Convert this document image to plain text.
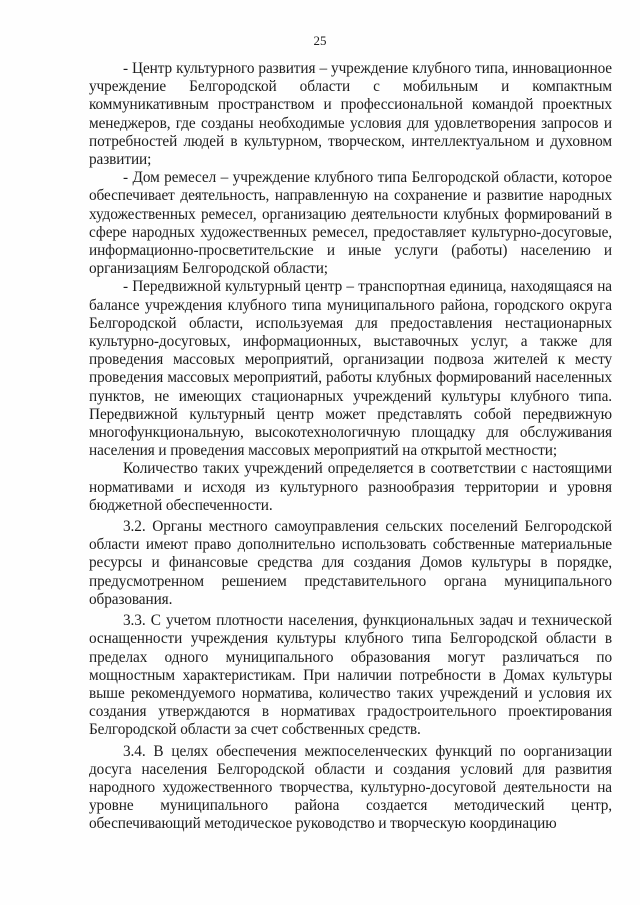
25

- Центр культурного развития – учреждение клубного типа, инновационное учреждение Белгородской области с мобильным и компактным коммуникативным пространством и профессиональной командой проектных менеджеров, где созданы необходимые условия для удовлетворения запросов и потребностей людей в культурном, творческом, интеллектуальном и духовном развитии;

- Дом ремесел – учреждение клубного типа Белгородской области, которое обеспечивает деятельность, направленную на сохранение и развитие народных художественных ремесел, организацию деятельности клубных формирований в сфере народных художественных ремесел, предоставляет культурно-досуговые, информационно-просветительские и иные услуги (работы) населению и организациям Белгородской области;

- Передвижной культурный центр – транспортная единица, находящаяся на балансе учреждения клубного типа муниципального района, городского округа Белгородской области, используемая для предоставления нестационарных культурно-досуговых, информационных, выставочных услуг, а также для проведения массовых мероприятий, организации подвоза жителей к месту проведения массовых мероприятий, работы клубных формирований населенных пунктов, не имеющих стационарных учреждений культуры клубного типа. Передвижной культурный центр может представлять собой передвижную многофункциональную, высокотехнологичную площадку для обслуживания населения и проведения массовых мероприятий на открытой местности;

Количество таких учреждений определяется в соответствии с настоящими нормативами и исходя из культурного разнообразия территории и уровня бюджетной обеспеченности.

3.2. Органы местного самоуправления сельских поселений Белгородской области имеют право дополнительно использовать собственные материальные ресурсы и финансовые средства для создания Домов культуры в порядке, предусмотренном решением представительного органа муниципального образования.

3.3. С учетом плотности населения, функциональных задач и технической оснащенности учреждения культуры клубного типа Белгородской области в пределах одного муниципального образования могут различаться по мощностным характеристикам. При наличии потребности в Домах культуры выше рекомендуемого норматива, количество таких учреждений и условия их создания утверждаются в нормативах градостроительного проектирования Белгородской области за счет собственных средств.

3.4. В целях обеспечения межпоселенческих функций по оорганизации досуга населения Белгородской области и создания условий для развития народного художественного творчества, культурно-досуговой деятельности на уровне муниципального района создается методический центр, обеспечивающий методическое руководство и творческую координацию
